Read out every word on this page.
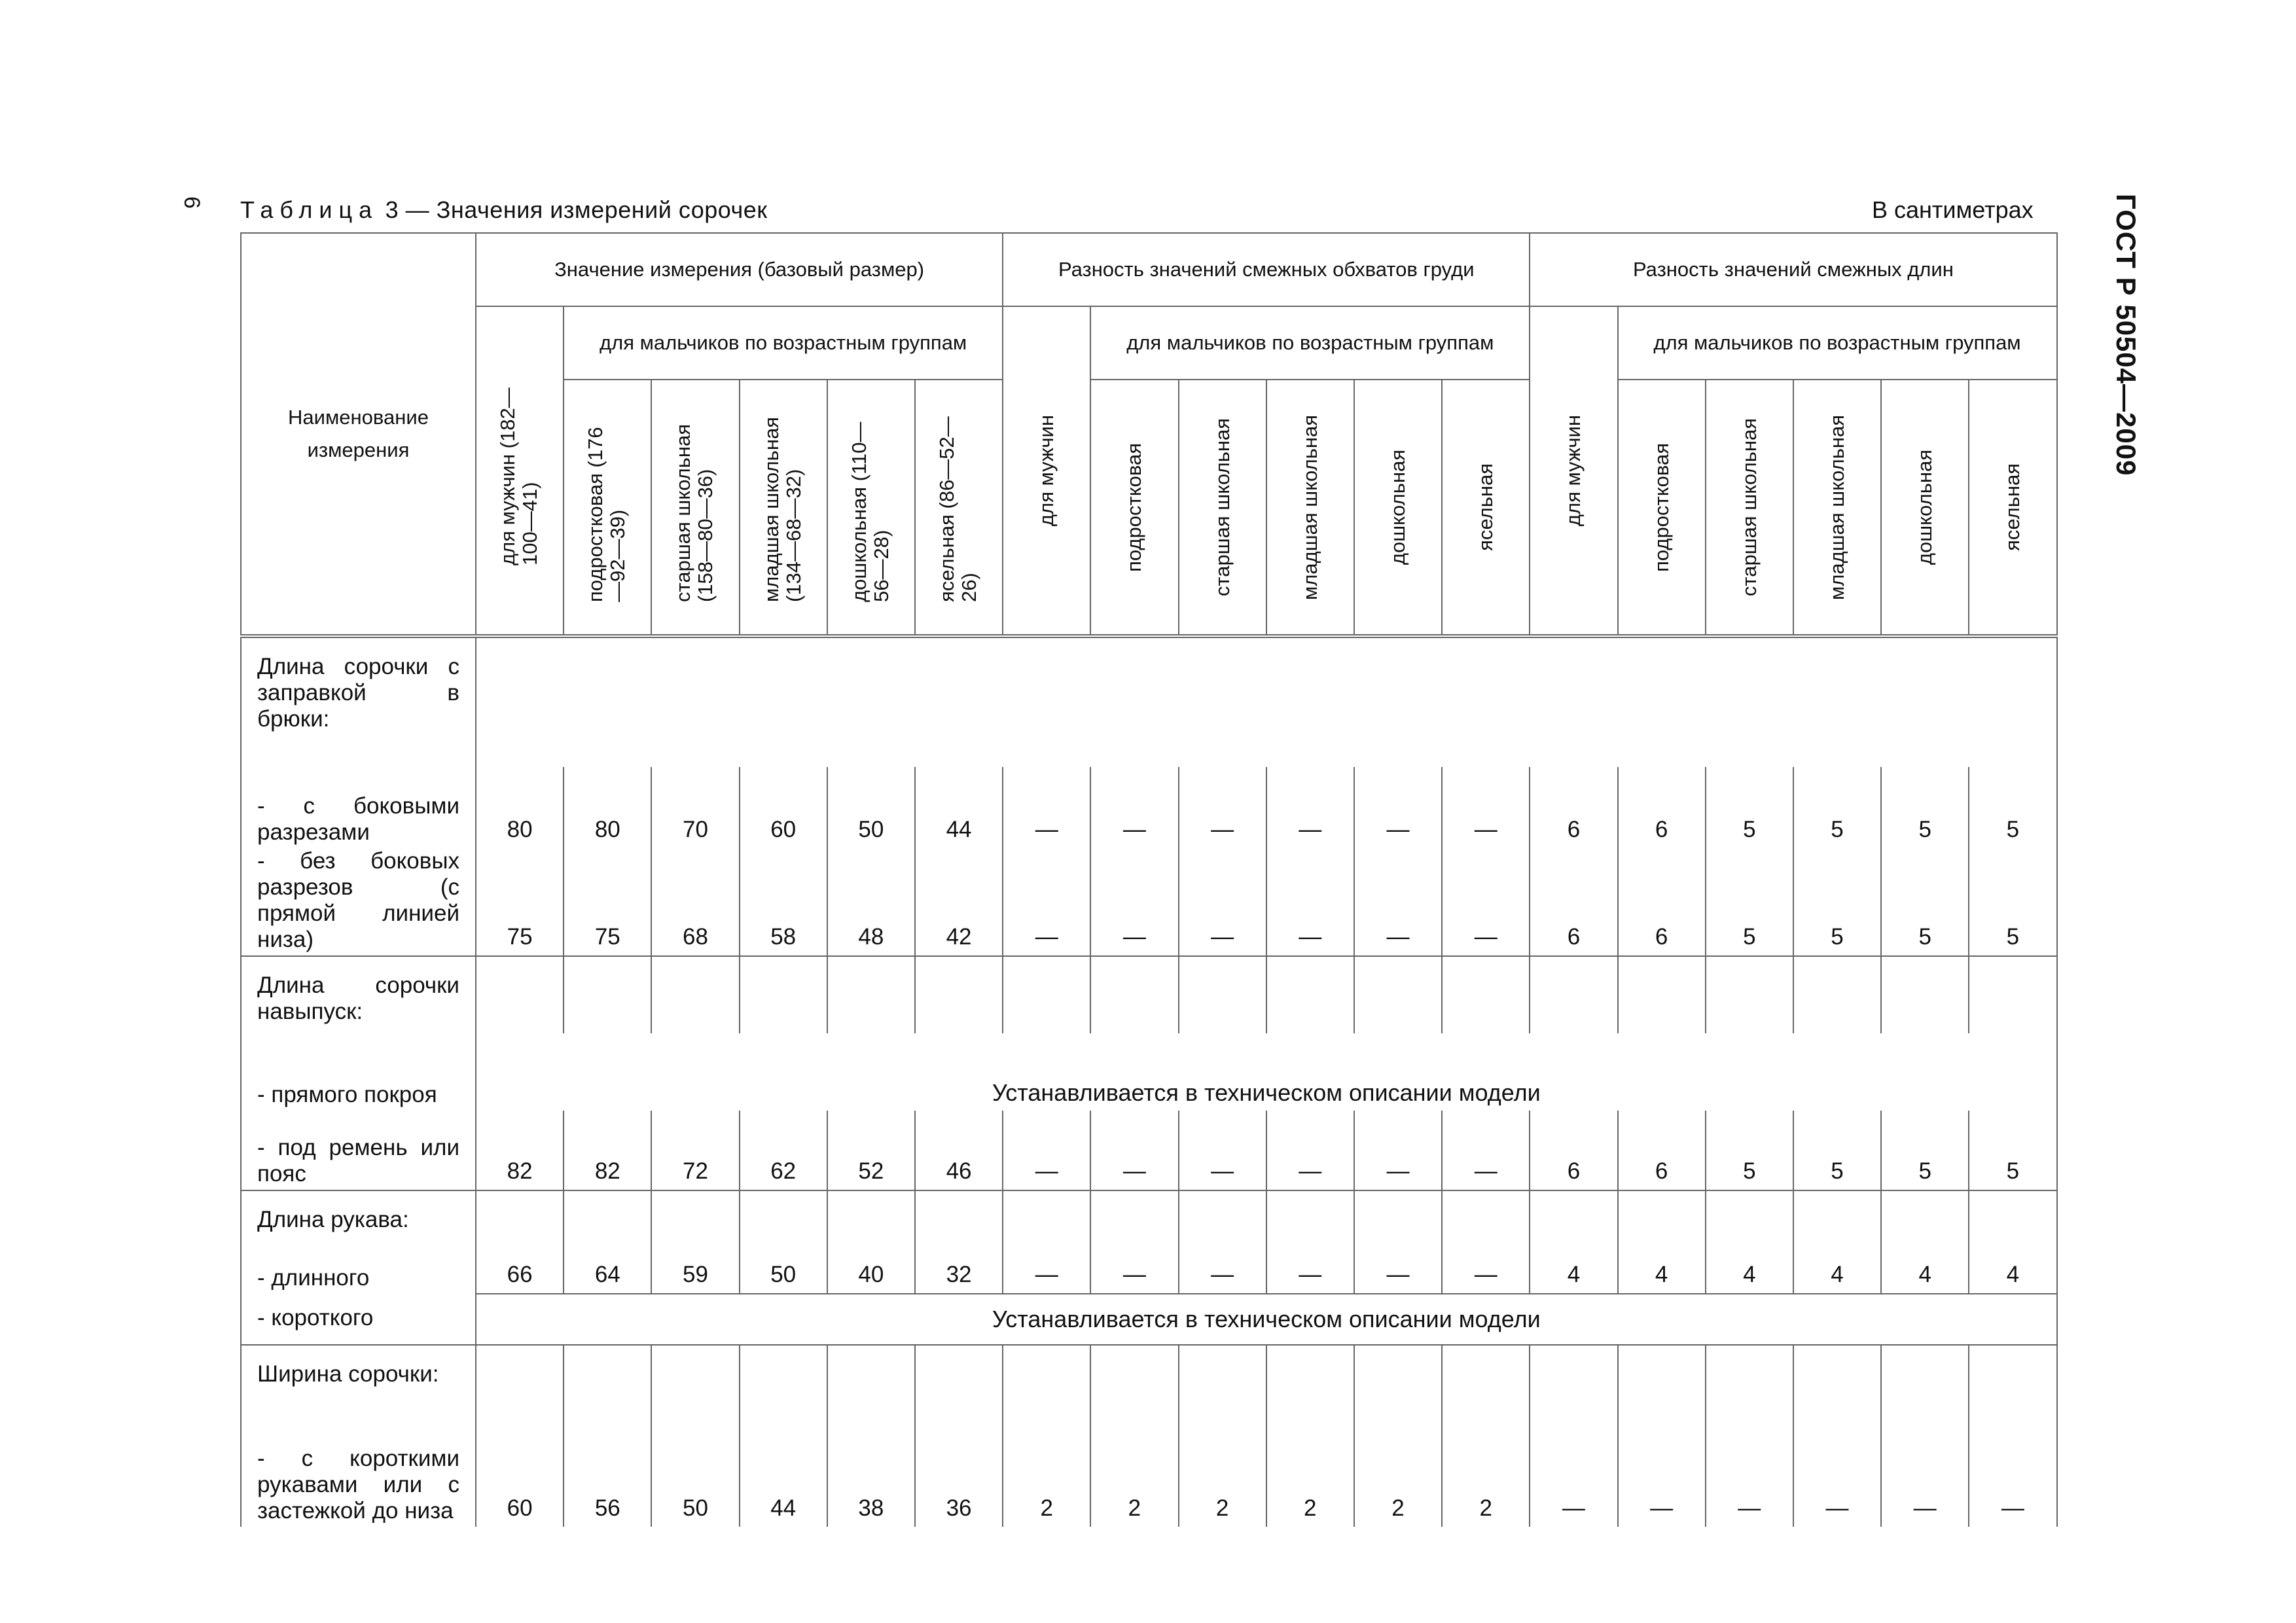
6 Таблица 3 — Значения измерений сорочек	В сантиметрах	ГОСТ Р 50504—2009
Наименование измерения	Значение измерения (базовый размер)						Разность значений смежных обхватов груди						Разность значений смежных длин					

	для мужчин (182—100—41)	для мальчиков по возрастным группам					для мужчин	для мальчиков по возрастным группам					для мужчин	для мальчиков по возрастным группам				

		подростковая (176—92—39)	старшая школьная (158—80—36)	младшая школьная (134—68—32)	дошкольная (110—56—28)	ясельная (86—52—26)		подростковая	старшая школьная	младшая школьная	дошкольная	ясельная		подростковая	старшая школьная	младшая школьная	дошкольная	ясельная

Длина сорочки с заправкой в брюки:																		
- с боковыми разрезами	80	80	70	60	50	44	—	—	—	—	—	—	6	6	5	5	5	5
- без боковых разрезов (с прямой линией низа)	75	75	68	58	48	42	—	—	—	—	—	—	6	6	5	5	5	5
Длина сорочки навыпуск:																		
- прямого покроя	Устанавливается в техническом описании модели																	
- под ремень или пояс	82	82	72	62	52	46	—	—	—	—	—	—	6	6	5	5	5	5
Длина рукава:																		
- длинного	66	64	59	50	40	32	—	—	—	—	—	—	4	4	4	4	4	4
- короткого	Устанавливается в техническом описании модели																	
Ширина сорочки:																		
- с короткими рукавами или с застежкой до низа	60	56	50	44	38	36	2	2	2	2	2	2	—	—	—	—	—	—
